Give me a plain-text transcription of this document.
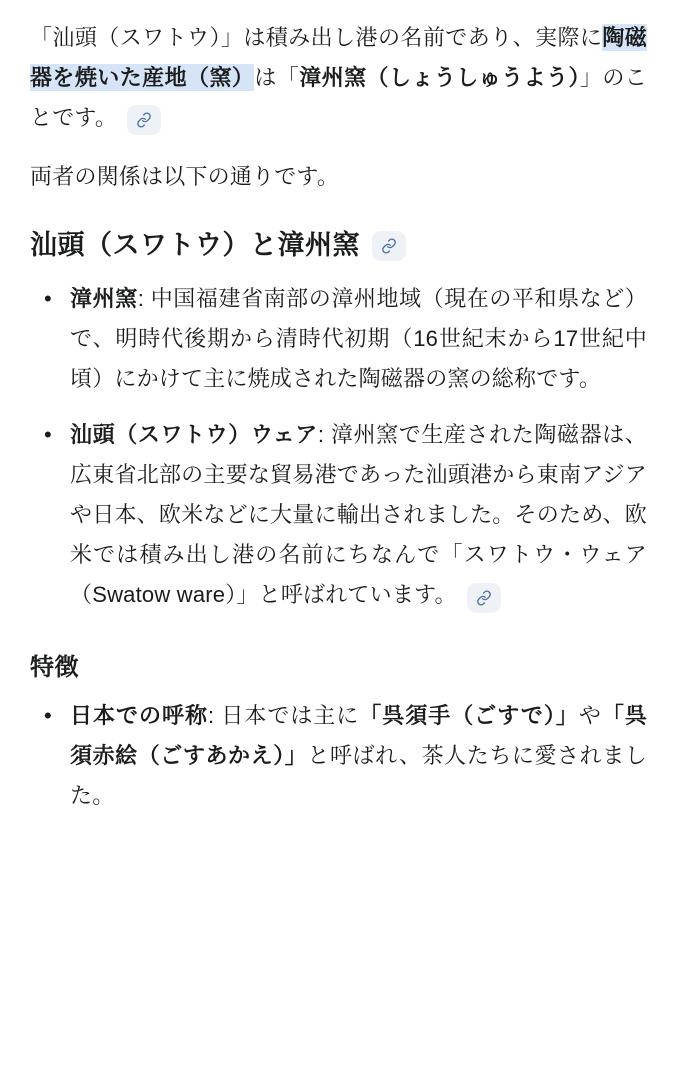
「汕頭（スワトウ）」は積み出し港の名前であり、実際に陶磁器を焼いた産地（窯）は「漳州窯（しょうしゅうよう）」のことです。

両者の関係は以下の通りです。

汕頭（スワトウ）と漳州窯
• 漳州窯: 中国福建省南部の漳州地域（現在の平和県など）で、明時代後期から清時代初期（16世紀末から17世紀中頃）にかけて主に焼成された陶磁器の窯の総称です。
• 汕頭（スワトウ）ウェア: 漳州窯で生産された陶磁器は、広東省北部の主要な貿易港であった汕頭港から東南アジアや日本、欧米などに大量に輸出されました。そのため、欧米では積み出し港の名前にちなんで「スワトウ・ウェア（Swatow ware）」と呼ばれています。
特徴
• 日本での呼称: 日本では主に「呉須手（ごすで）」や「呉須赤絵（ごすあかえ）」と呼ばれ、茶人たちに愛されました。
